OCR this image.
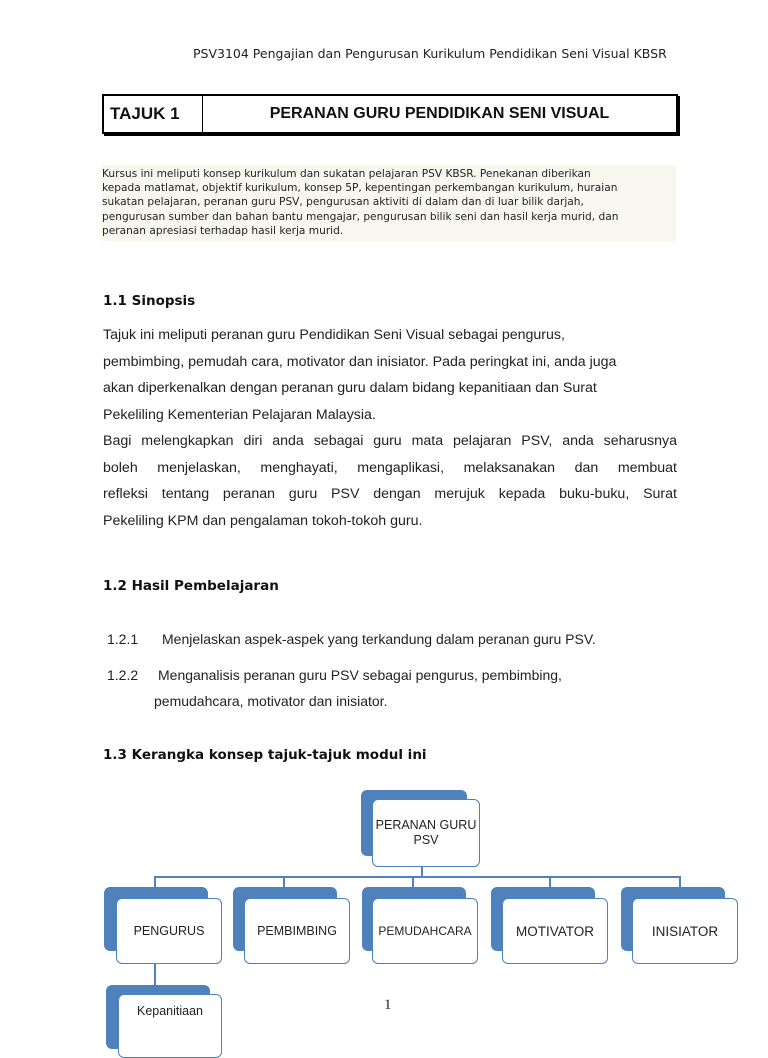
PSV3104 Pengajian dan Pengurusan Kurikulum Pendidikan Seni Visual KBSR
TAJUK 1	PERANAN GURU PENDIDIKAN SENI VISUAL
Kursus ini meliputi konsep kurikulum dan sukatan pelajaran PSV KBSR. Penekanan diberikan
kepada matlamat, objektif kurikulum, konsep 5P, kepentingan perkembangan kurikulum, huraian
sukatan pelajaran, peranan guru PSV, pengurusan aktiviti di dalam dan di luar bilik darjah,
pengurusan sumber dan bahan bantu mengajar, pengurusan bilik seni dan hasil kerja murid, dan
peranan apresiasi terhadap hasil kerja murid.
1.1 Sinopsis
Tajuk ini meliputi peranan guru Pendidikan Seni Visual sebagai pengurus,
pembimbing, pemudah cara, motivator dan inisiator. Pada peringkat ini, anda juga
akan diperkenalkan dengan peranan guru dalam bidang kepanitiaan dan Surat
Pekeliling Kementerian Pelajaran Malaysia.
Bagi melengkapkan diri anda sebagai guru mata pelajaran PSV, anda seharusnya
boleh menjelaskan, menghayati, mengaplikasi, melaksanakan dan membuat
refleksi tentang peranan guru PSV dengan merujuk kepada buku-buku, Surat
Pekeliling KPM dan pengalaman tokoh-tokoh guru.
1.2 Hasil Pembelajaran
1.2.1 Menjelaskan aspek-aspek yang terkandung dalam peranan guru PSV.
1.2.2 Menganalisis peranan guru PSV sebagai pengurus, pembimbing,
pemudahcara, motivator dan inisiator.
1.3 Kerangka konsep tajuk-tajuk modul ini
PERANAN GURU PSV
PENGURUS	PEMBIMBING	PEMUDAHCARA	MOTIVATOR	INISIATOR
Kepanitiaan	1
